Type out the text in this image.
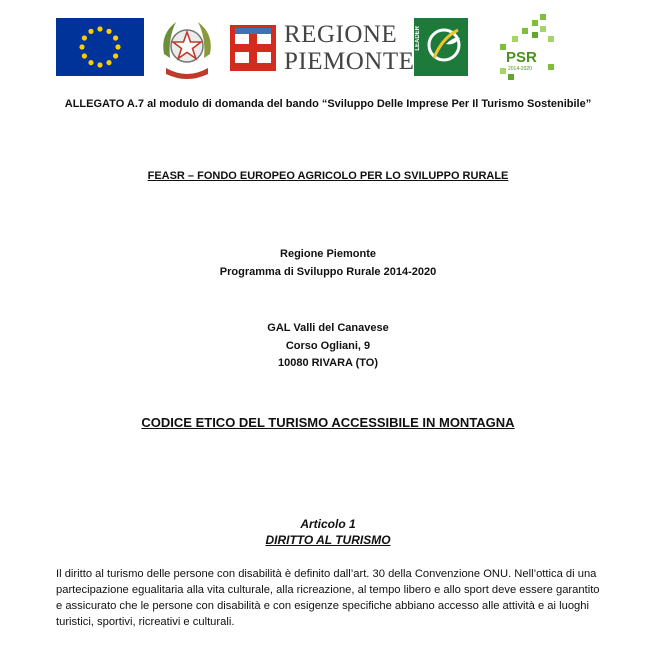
REGIONE
PIEMONTE
LEADER
PSR
2014-2020
ALLEGATO A.7 al modulo di domanda del bando “Sviluppo Delle Imprese Per Il Turismo Sostenibile”
FEASR – FONDO EUROPEO AGRICOLO PER LO SVILUPPO RURALE
Regione Piemonte
Programma di Sviluppo Rurale 2014-2020
GAL Valli del Canavese
Corso Ogliani, 9
10080 RIVARA (TO)
CODICE ETICO DEL TURISMO ACCESSIBILE IN MONTAGNA
Articolo 1
DIRITTO AL TURISMO
Il diritto al turismo delle persone con disabilità è definito dall’art. 30 della Convenzione ONU. Nell’ottica di una partecipazione egualitaria alla vita culturale, alla ricreazione, al tempo libero e allo sport deve essere garantito e assicurato che le persone con disabilità e con esigenze specifiche abbiano accesso alle attività e ai luoghi turistici, sportivi, ricreativi e culturali.
